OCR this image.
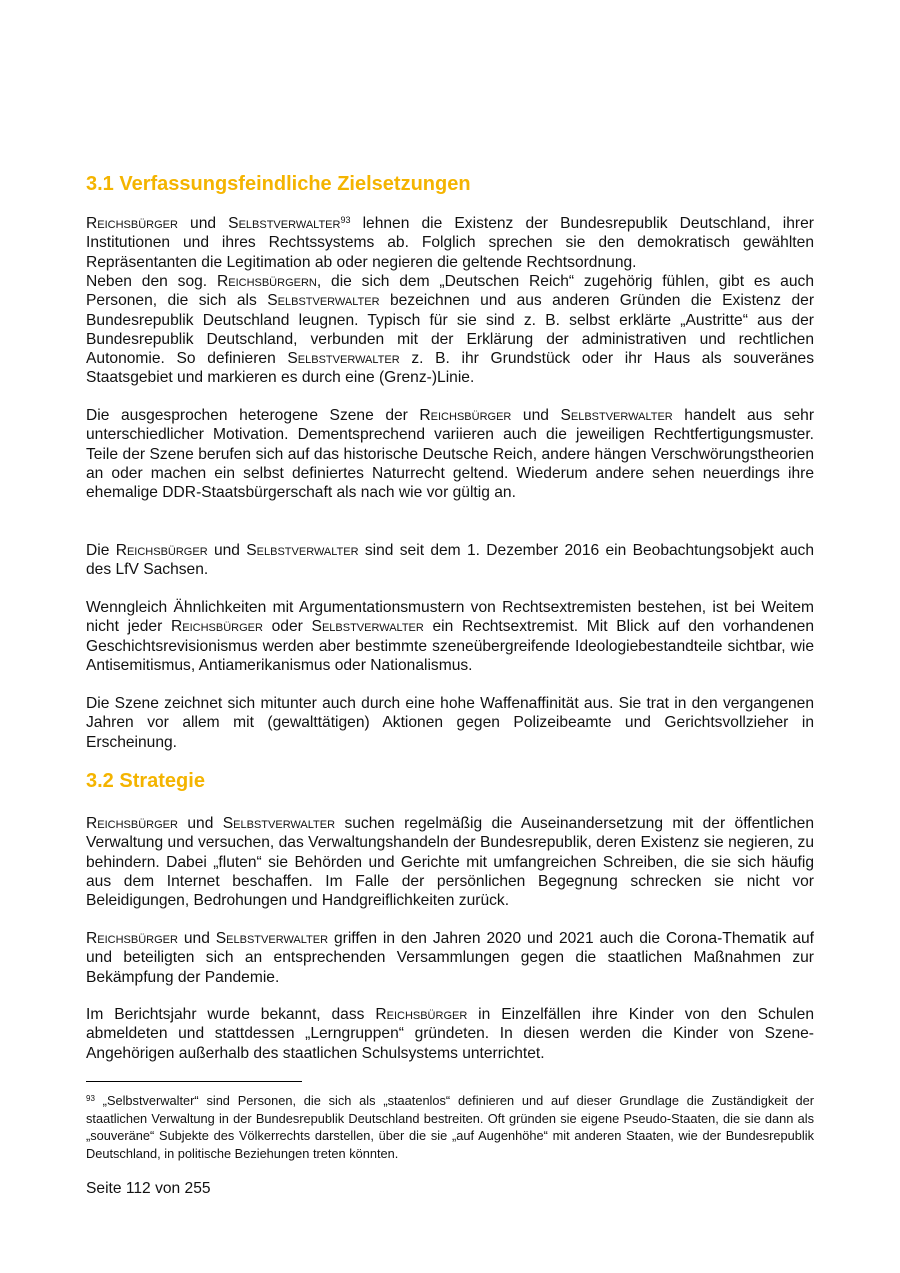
3.1 Verfassungsfeindliche Zielsetzungen

Reichsbürger und Selbstverwalter$^{93}$ lehnen die Existenz der Bundesrepublik Deutschland, ihrer Institutionen und ihres Rechtssystems ab. Folglich sprechen sie den demokratisch gewählten Repräsentanten die Legitimation ab oder negieren die geltende Rechtsordnung.

Neben den sog. Reichsbürgern, die sich dem „Deutschen Reich“ zugehörig fühlen, gibt es auch Personen, die sich als Selbstverwalter bezeichnen und aus anderen Gründen die Existenz der Bundesrepublik Deutschland leugnen. Typisch für sie sind z. B. selbst erklärte „Austritte“ aus der Bundesrepublik Deutschland, verbunden mit der Erklärung der administrativen und rechtlichen Autonomie. So definieren Selbstverwalter z. B. ihr Grundstück oder ihr Haus als souveränes Staatsgebiet und markieren es durch eine (Grenz-)Linie.

Die ausgesprochen heterogene Szene der Reichsbürger und Selbstverwalter handelt aus sehr unterschiedlicher Motivation. Dementsprechend variieren auch die jeweiligen Rechtfertigungsmuster. Teile der Szene berufen sich auf das historische Deutsche Reich, andere hängen Verschwörungstheorien an oder machen ein selbst definiertes Naturrecht geltend. Wiederum andere sehen neuerdings ihre ehemalige DDR-Staatsbürgerschaft als nach wie vor gültig an.

Die Reichsbürger und Selbstverwalter sind seit dem 1. Dezember 2016 ein Beobachtungsobjekt auch des LfV Sachsen.

Wenngleich Ähnlichkeiten mit Argumentationsmustern von Rechtsextremisten bestehen, ist bei Weitem nicht jeder Reichsbürger oder Selbstverwalter ein Rechtsextremist. Mit Blick auf den vorhandenen Geschichtsrevisionismus werden aber bestimmte szeneübergreifende Ideologiebestandteile sichtbar, wie Antisemitismus, Antiamerikanismus oder Nationalismus.

Die Szene zeichnet sich mitunter auch durch eine hohe Waffenaffinität aus. Sie trat in den vergangenen Jahren vor allem mit (gewalttätigen) Aktionen gegen Polizeibeamte und Gerichtsvollzieher in Erscheinung.

3.2 Strategie

Reichsbürger und Selbstverwalter suchen regelmäßig die Auseinandersetzung mit der öffentlichen Verwaltung und versuchen, das Verwaltungshandeln der Bundesrepublik, deren Existenz sie negieren, zu behindern. Dabei „fluten“ sie Behörden und Gerichte mit umfangreichen Schreiben, die sie sich häufig aus dem Internet beschaffen. Im Falle der persönlichen Begegnung schrecken sie nicht vor Beleidigungen, Bedrohungen und Handgreiflichkeiten zurück.

Reichsbürger und Selbstverwalter griffen in den Jahren 2020 und 2021 auch die Corona-Thematik auf und beteiligten sich an entsprechenden Versammlungen gegen die staatlichen Maßnahmen zur Bekämpfung der Pandemie.

Im Berichtsjahr wurde bekannt, dass Reichsbürger in Einzelfällen ihre Kinder von den Schulen abmeldeten und stattdessen „Lerngruppen“ gründeten. In diesen werden die Kinder von Szene-Angehörigen außerhalb des staatlichen Schulsystems unterrichtet.

$^{93}$ „Selbstverwalter“ sind Personen, die sich als „staatenlos“ definieren und auf dieser Grundlage die Zuständigkeit der staatlichen Verwaltung in der Bundesrepublik Deutschland bestreiten. Oft gründen sie eigene Pseudo-Staaten, die sie dann als „souveräne“ Subjekte des Völkerrechts darstellen, über die sie „auf Augenhöhe“ mit anderen Staaten, wie der Bundesrepublik Deutschland, in politische Beziehungen treten könnten.

Seite 112 von 255
